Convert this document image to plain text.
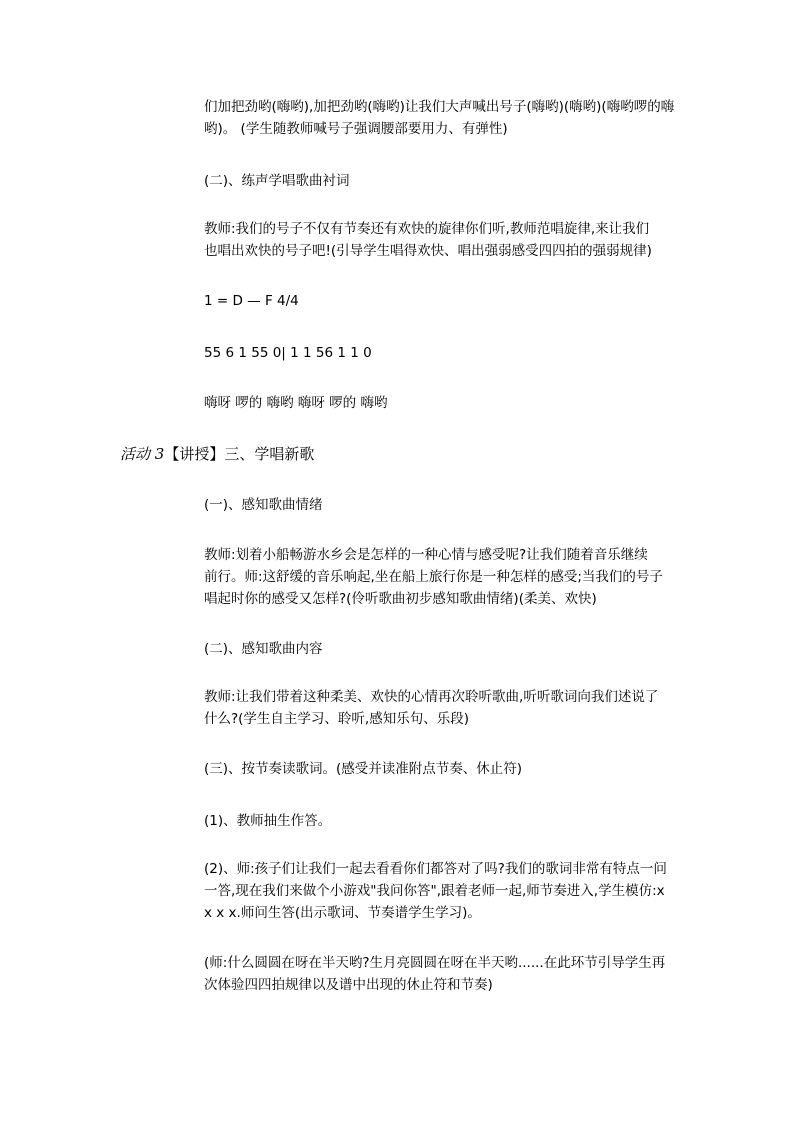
们加把劲哟(嗨哟),加把劲哟(嗨哟)让我们大声喊出号子(嗨哟)(嗨哟)(嗨哟啰的嗨
哟)。 (学生随教师喊号子强调腰部要用力、有弹性)

(二)、练声学唱歌曲衬词

教师:我们的号子不仅有节奏还有欢快的旋律你们听,教师范唱旋律,来让我们
也唱出欢快的号子吧!(引导学生唱得欢快、唱出强弱感受四四拍的强弱规律)

1 = D — F 4/4

55 6 1 55 0| 1 1 56 1 1 0

嗨呀 啰的 嗨哟 嗨呀 啰的 嗨哟

活动 3【讲授】三、学唱新歌

(一)、感知歌曲情绪

教师:划着小船畅游水乡会是怎样的一种心情与感受呢?让我们随着音乐继续
前行。师:这舒缓的音乐响起,坐在船上旅行你是一种怎样的感受;当我们的号子
唱起时你的感受又怎样?(伶听歌曲初步感知歌曲情绪)(柔美、欢快)

(二)、感知歌曲内容

教师:让我们带着这种柔美、欢快的心情再次聆听歌曲,听听歌词向我们述说了
什么?(学生自主学习、聆听,感知乐句、乐段)

(三)、按节奏读歌词。(感受并读准附点节奏、休止符)

(1)、教师抽生作答。

(2)、师:孩子们让我们一起去看看你们都答对了吗?我们的歌词非常有特点一问
一答,现在我们来做个小游戏"我问你答",跟着老师一起,师节奏进入,学生模仿:x
x x x.师问生答(出示歌词、节奏谱学生学习)。

(师:什么圆圆在呀在半天哟?生月亮圆圆在呀在半天哟......在此环节引导学生再
次体验四四拍规律以及谱中出现的休止符和节奏)
